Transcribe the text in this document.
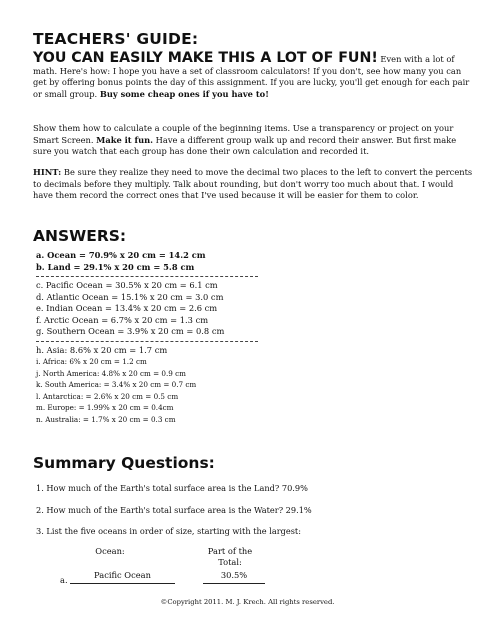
TEACHERS' GUIDE:
YOU CAN EASILY MAKE THIS A LOT OF FUN! Even with a lot of math. Here's how: I hope you have a set of classroom calculators! If you don't, see how many you can get by offering bonus points the day of this assignment. If you are lucky, you'll get enough for each pair or small group. Buy some cheap ones if you have to!
Show them how to calculate a couple of the beginning items. Use a transparency or project on your Smart Screen. Make it fun. Have a different group walk up and record their answer. But first make sure you watch that each group has done their own calculation and recorded it.
HINT: Be sure they realize they need to move the decimal two places to the left to convert the percents to decimals before they multiply. Talk about rounding, but don't worry too much about that. I would have them record the correct ones that I've used because it will be easier for them to color.
ANSWERS:
a. Ocean = 70.9% x 20 cm = 14.2 cm
b. Land = 29.1% x 20 cm = 5.8 cm
c. Pacific Ocean = 30.5% x 20 cm = 6.1 cm
d. Atlantic Ocean = 15.1% x 20 cm = 3.0 cm
e. Indian Ocean = 13.4% x 20 cm = 2.6 cm
f. Arctic Ocean = 6.7% x 20 cm = 1.3 cm
g. Southern Ocean = 3.9% x 20 cm = 0.8 cm
h. Asia: 8.6% x 20 cm = 1.7 cm
i. Africa: 6% x 20 cm = 1.2 cm
j. North America: 4.8% x 20 cm = 0.9 cm
k. South America: = 3.4% x 20 cm = 0.7 cm
l. Antarctica: = 2.6% x 20 cm = 0.5 cm
m. Europe: = 1.99% x 20 cm = 0.4cm
n. Australia: = 1.7% x 20 cm = 0.3 cm
Summary Questions:
1. How much of the Earth's total surface area is the Land? 70.9%
2. How much of the Earth's total surface area is the Water? 29.1%
3. List the five oceans in order of size, starting with the largest:
Ocean:	Part of the
Total:
a.	Pacific Ocean	30.5%
©Copyright 2011. M. J. Krech. All rights reserved.
